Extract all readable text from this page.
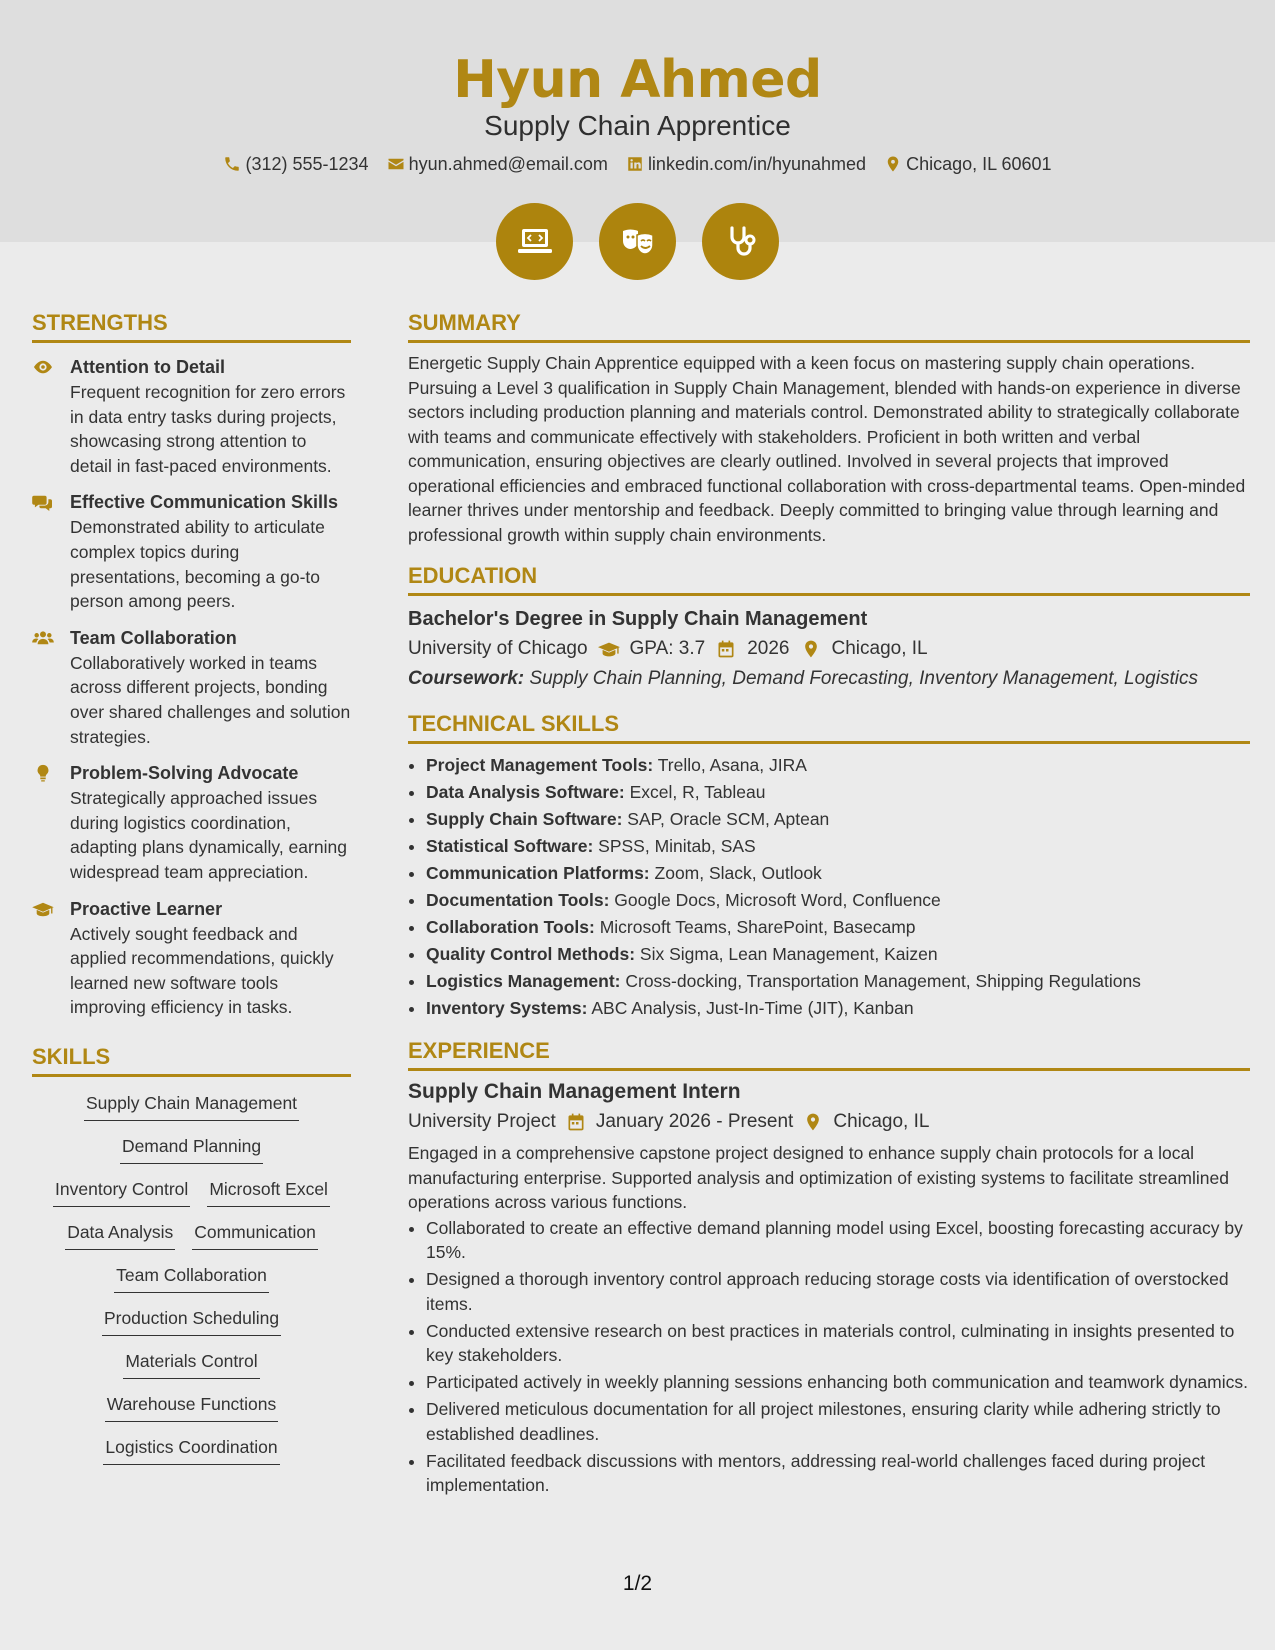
Hyun Ahmed
Supply Chain Apprentice
(312) 555-1234 hyun.ahmed@email.com linkedin.com/in/hyunahmed Chicago, IL 60601
STRENGTHS
Attention to Detail
Frequent recognition for zero errors in data entry tasks during projects, showcasing strong attention to detail in fast-paced environments.
Effective Communication Skills
Demonstrated ability to articulate complex topics during presentations, becoming a go-to person among peers.
Team Collaboration
Collaboratively worked in teams across different projects, bonding over shared challenges and solution strategies.
Problem-Solving Advocate
Strategically approached issues during logistics coordination, adapting plans dynamically, earning widespread team appreciation.
Proactive Learner
Actively sought feedback and applied recommendations, quickly learned new software tools improving efficiency in tasks.
SKILLS
Supply Chain Management
Demand Planning
Inventory Control Microsoft Excel
Data Analysis Communication
Team Collaboration
Production Scheduling
Materials Control
Warehouse Functions
Logistics Coordination
SUMMARY
Energetic Supply Chain Apprentice equipped with a keen focus on mastering supply chain operations. Pursuing a Level 3 qualification in Supply Chain Management, blended with hands-on experience in diverse sectors including production planning and materials control. Demonstrated ability to strategically collaborate with teams and communicate effectively with stakeholders. Proficient in both written and verbal communication, ensuring objectives are clearly outlined. Involved in several projects that improved operational efficiencies and embraced functional collaboration with cross-departmental teams. Open-minded learner thrives under mentorship and feedback. Deeply committed to bringing value through learning and professional growth within supply chain environments.
EDUCATION
Bachelor's Degree in Supply Chain Management
University of Chicago GPA: 3.7 2026 Chicago, IL
Coursework: Supply Chain Planning, Demand Forecasting, Inventory Management, Logistics
TECHNICAL SKILLS
• Project Management Tools: Trello, Asana, JIRA
• Data Analysis Software: Excel, R, Tableau
• Supply Chain Software: SAP, Oracle SCM, Aptean
• Statistical Software: SPSS, Minitab, SAS
• Communication Platforms: Zoom, Slack, Outlook
• Documentation Tools: Google Docs, Microsoft Word, Confluence
• Collaboration Tools: Microsoft Teams, SharePoint, Basecamp
• Quality Control Methods: Six Sigma, Lean Management, Kaizen
• Logistics Management: Cross-docking, Transportation Management, Shipping Regulations
• Inventory Systems: ABC Analysis, Just-In-Time (JIT), Kanban
EXPERIENCE
Supply Chain Management Intern
University Project January 2026 - Present Chicago, IL
Engaged in a comprehensive capstone project designed to enhance supply chain protocols for a local manufacturing enterprise. Supported analysis and optimization of existing systems to facilitate streamlined operations across various functions.
• Collaborated to create an effective demand planning model using Excel, boosting forecasting accuracy by 15%.
• Designed a thorough inventory control approach reducing storage costs via identification of overstocked items.
• Conducted extensive research on best practices in materials control, culminating in insights presented to key stakeholders.
• Participated actively in weekly planning sessions enhancing both communication and teamwork dynamics.
• Delivered meticulous documentation for all project milestones, ensuring clarity while adhering strictly to established deadlines.
• Facilitated feedback discussions with mentors, addressing real-world challenges faced during project implementation.
1/2
